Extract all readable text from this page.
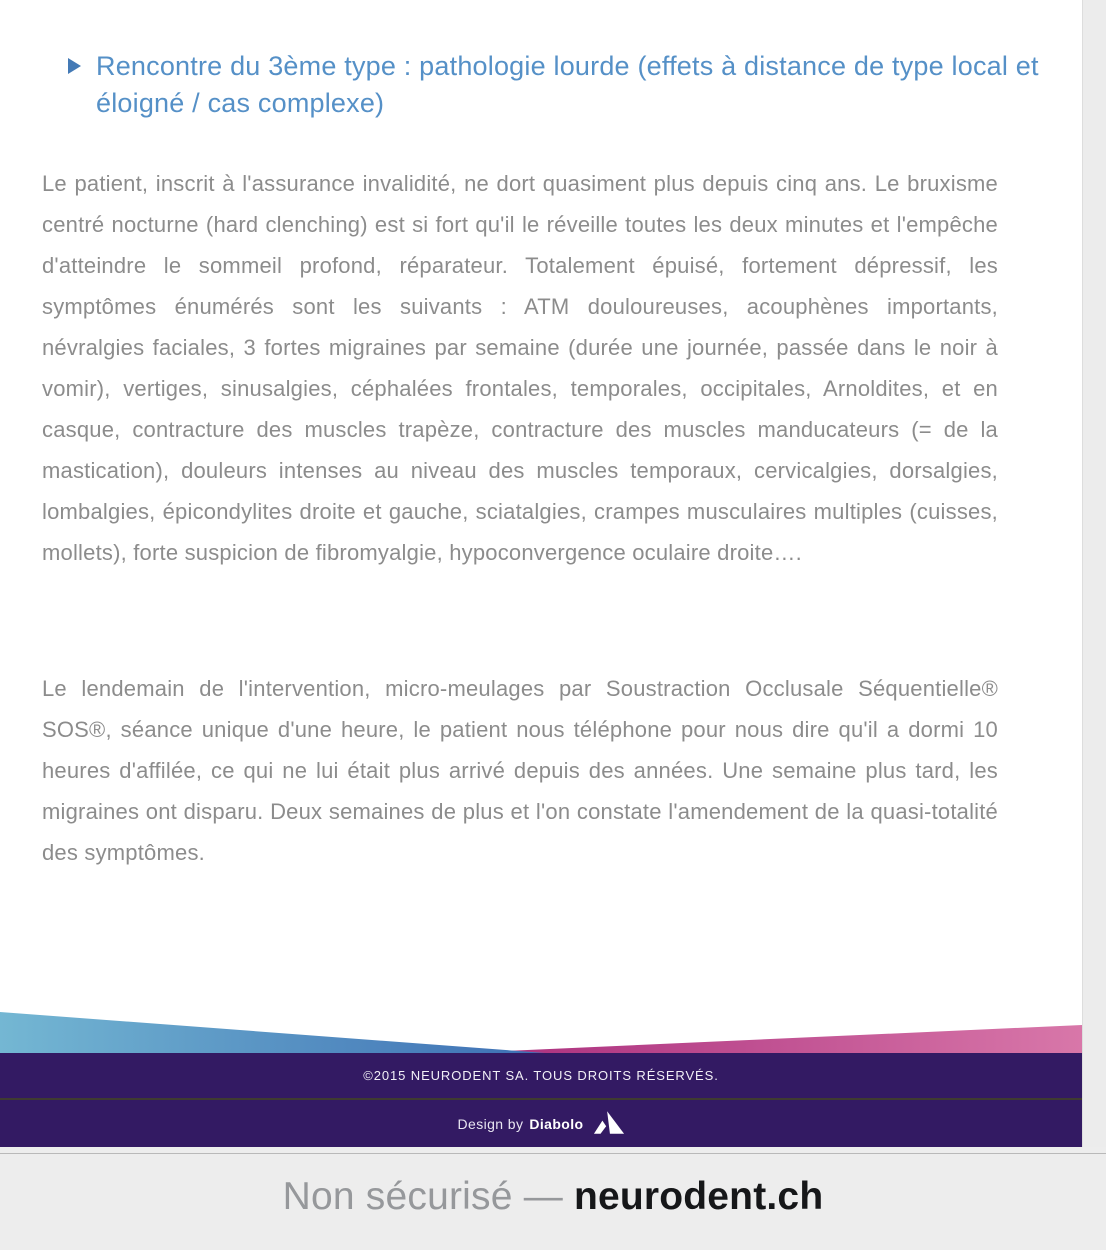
Rencontre du 3ème type : pathologie lourde (effets à distance de type local et éloigné / cas complexe)

Le patient, inscrit à l'assurance invalidité, ne dort quasiment plus depuis cinq ans. Le bruxisme centré nocturne (hard clenching) est si fort qu'il le réveille toutes les deux minutes et l'empêche d'atteindre le sommeil profond, réparateur. Totalement épuisé, fortement dépressif, les symptômes énumérés sont les suivants : ATM douloureuses, acouphènes importants, névralgies faciales, 3 fortes migraines par semaine (durée une journée, passée dans le noir à vomir), vertiges, sinusalgies, céphalées frontales, temporales, occipitales, Arnoldites, et en casque, contracture des muscles trapèze, contracture des muscles manducateurs (= de la mastication), douleurs intenses au niveau des muscles temporaux, cervicalgies, dorsalgies, lombalgies, épicondylites droite et gauche, sciatalgies, crampes musculaires multiples (cuisses, mollets), forte suspicion de fibromyalgie, hypoconvergence oculaire droite….

Le lendemain de l'intervention, micro-meulages par Soustraction Occlusale Séquentielle® SOS®, séance unique d'une heure, le patient nous téléphone pour nous dire qu'il a dormi 10 heures d'affilée, ce qui ne lui était plus arrivé depuis des années. Une semaine plus tard, les migraines ont disparu. Deux semaines de plus et l'on constate l'amendement de la quasi-totalité des symptômes.

©2015 NEURODENT SA. TOUS DROITS RÉSERVÉS.
Design by Diabolo
Non sécurisé — neurodent.ch
